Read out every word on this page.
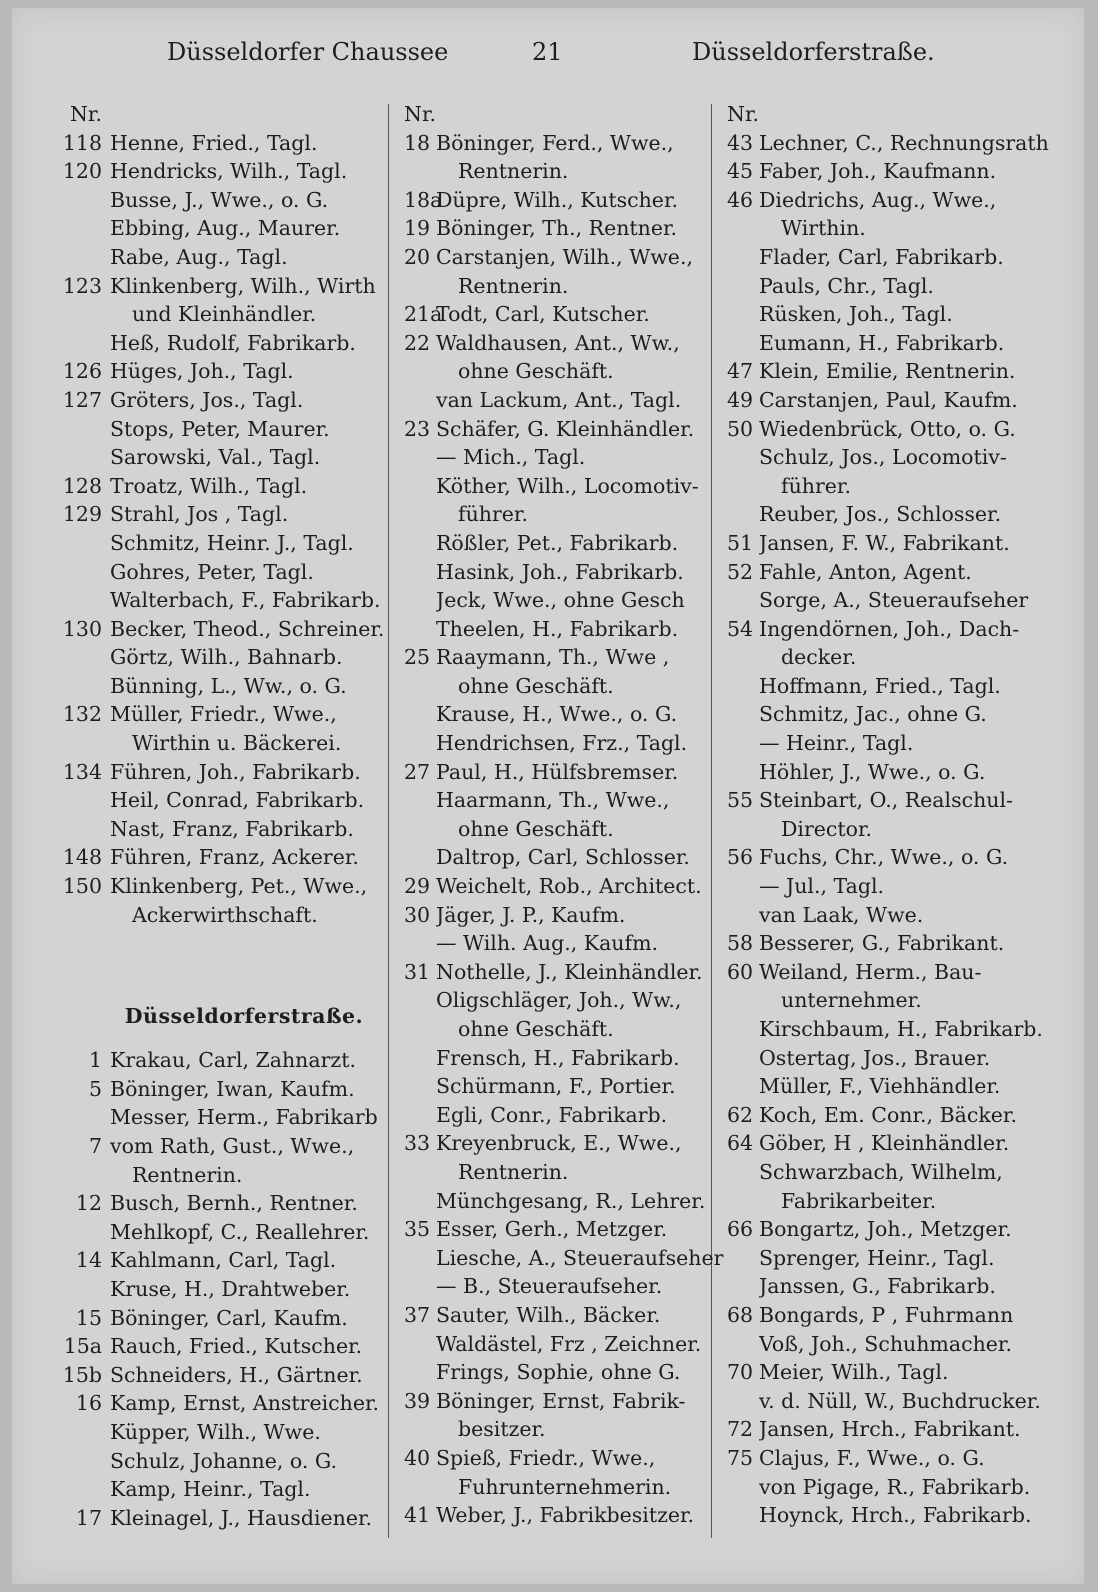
Düsseldorfer Chaussee	21	Düsseldorferstraße.
Nr.
118 Henne, Fried., Tagl.
120 Hendricks, Wilh., Tagl.
Busse, J., Wwe., o. G.
Ebbing, Aug., Maurer.
Rabe, Aug., Tagl.
123 Klinkenberg, Wilh., Wirth
und Kleinhändler.
Heß, Rudolf, Fabrikarb.
126 Hüges, Joh., Tagl.
127 Gröters, Jos., Tagl.
Stops, Peter, Maurer.
Sarowski, Val., Tagl.
128 Troatz, Wilh., Tagl.
129 Strahl, Jos , Tagl.
Schmitz, Heinr. J., Tagl.
Gohres, Peter, Tagl.
Walterbach, F., Fabrikarb.
130 Becker, Theod., Schreiner.
Görtz, Wilh., Bahnarb.
Bünning, L., Ww., o. G.
132 Müller, Friedr., Wwe.,
Wirthin u. Bäckerei.
134 Führen, Joh., Fabrikarb.
Heil, Conrad, Fabrikarb.
Nast, Franz, Fabrikarb.
148 Führen, Franz, Ackerer.
150 Klinkenberg, Pet., Wwe.,
Ackerwirthschaft.
Düsseldorferstraße.
1 Krakau, Carl, Zahnarzt.
5 Böninger, Iwan, Kaufm.
Messer, Herm., Fabrikarb
7 vom Rath, Gust., Wwe.,
Rentnerin.
12 Busch, Bernh., Rentner.
Mehlkopf, C., Reallehrer.
14 Kahlmann, Carl, Tagl.
Kruse, H., Drahtweber.
15 Böninger, Carl, Kaufm.
15a Rauch, Fried., Kutscher.
15b Schneiders, H., Gärtner.
16 Kamp, Ernst, Anstreicher.
Küpper, Wilh., Wwe.
Schulz, Johanne, o. G.
Kamp, Heinr., Tagl.
17 Kleinagel, J., Hausdiener.
Nr.
18 Böninger, Ferd., Wwe.,
Rentnerin.
18a
Düpre, Wilh., Kutscher.
19 Böninger, Th., Rentner.
20 Carstanjen, Wilh., Wwe.,
Rentnerin.
21a
Todt, Carl, Kutscher.
22 Waldhausen, Ant., Ww.,
ohne Geschäft.
van Lackum, Ant., Tagl.
23 Schäfer, G. Kleinhändler.
— Mich., Tagl.
Köther, Wilh., Locomotiv-
führer.
Rößler, Pet., Fabrikarb.
Hasink, Joh., Fabrikarb.
Jeck, Wwe., ohne Gesch
Theelen, H., Fabrikarb.
25 Raaymann, Th., Wwe ,
ohne Geschäft.
Krause, H., Wwe., o. G.
Hendrichsen, Frz., Tagl.
27 Paul, H., Hülfsbremser.
Haarmann, Th., Wwe.,
ohne Geschäft.
Daltrop, Carl, Schlosser.
29 Weichelt, Rob., Architect.
30 Jäger, J. P., Kaufm.
— Wilh. Aug., Kaufm.
31 Nothelle, J., Kleinhändler.
Oligschläger, Joh., Ww.,
ohne Geschäft.
Frensch, H., Fabrikarb.
Schürmann, F., Portier.
Egli, Conr., Fabrikarb.
33 Kreyenbruck, E., Wwe.,
Rentnerin.
Münchgesang, R., Lehrer.
35 Esser, Gerh., Metzger.
Liesche, A., Steueraufseher
— B., Steueraufseher.
37 Sauter, Wilh., Bäcker.
Waldästel, Frz , Zeichner.
Frings, Sophie, ohne G.
39 Böninger, Ernst, Fabrik-
besitzer.
40 Spieß, Friedr., Wwe.,
Fuhrunternehmerin.
41 Weber, J., Fabrikbesitzer.
Nr.
43 Lechner, C., Rechnungsrath
45 Faber, Joh., Kaufmann.
46 Diedrichs, Aug., Wwe.,
Wirthin.
Flader, Carl, Fabrikarb.
Pauls, Chr., Tagl.
Rüsken, Joh., Tagl.
Eumann, H., Fabrikarb.
47 Klein, Emilie, Rentnerin.
49 Carstanjen, Paul, Kaufm.
50 Wiedenbrück, Otto, o. G.
Schulz, Jos., Locomotiv-
führer.
Reuber, Jos., Schlosser.
51 Jansen, F. W., Fabrikant.
52 Fahle, Anton, Agent.
Sorge, A., Steueraufseher
54 Ingendörnen, Joh., Dach-
decker.
Hoffmann, Fried., Tagl.
Schmitz, Jac., ohne G.
— Heinr., Tagl.
Höhler, J., Wwe., o. G.
55 Steinbart, O., Realschul-
Director.
56 Fuchs, Chr., Wwe., o. G.
— Jul., Tagl.
van Laak, Wwe.
58 Besserer, G., Fabrikant.
60 Weiland, Herm., Bau-
unternehmer.
Kirschbaum, H., Fabrikarb.
Ostertag, Jos., Brauer.
Müller, F., Viehhändler.
62 Koch, Em. Conr., Bäcker.
64 Göber, H , Kleinhändler.
Schwarzbach, Wilhelm,
Fabrikarbeiter.
66 Bongartz, Joh., Metzger.
Sprenger, Heinr., Tagl.
Janssen, G., Fabrikarb.
68 Bongards, P , Fuhrmann
Voß, Joh., Schuhmacher.
70 Meier, Wilh., Tagl.
v. d. Nüll, W., Buchdrucker.
72 Jansen, Hrch., Fabrikant.
75 Clajus, F., Wwe., o. G.
von Pigage, R., Fabrikarb.
Hoynck, Hrch., Fabrikarb.
